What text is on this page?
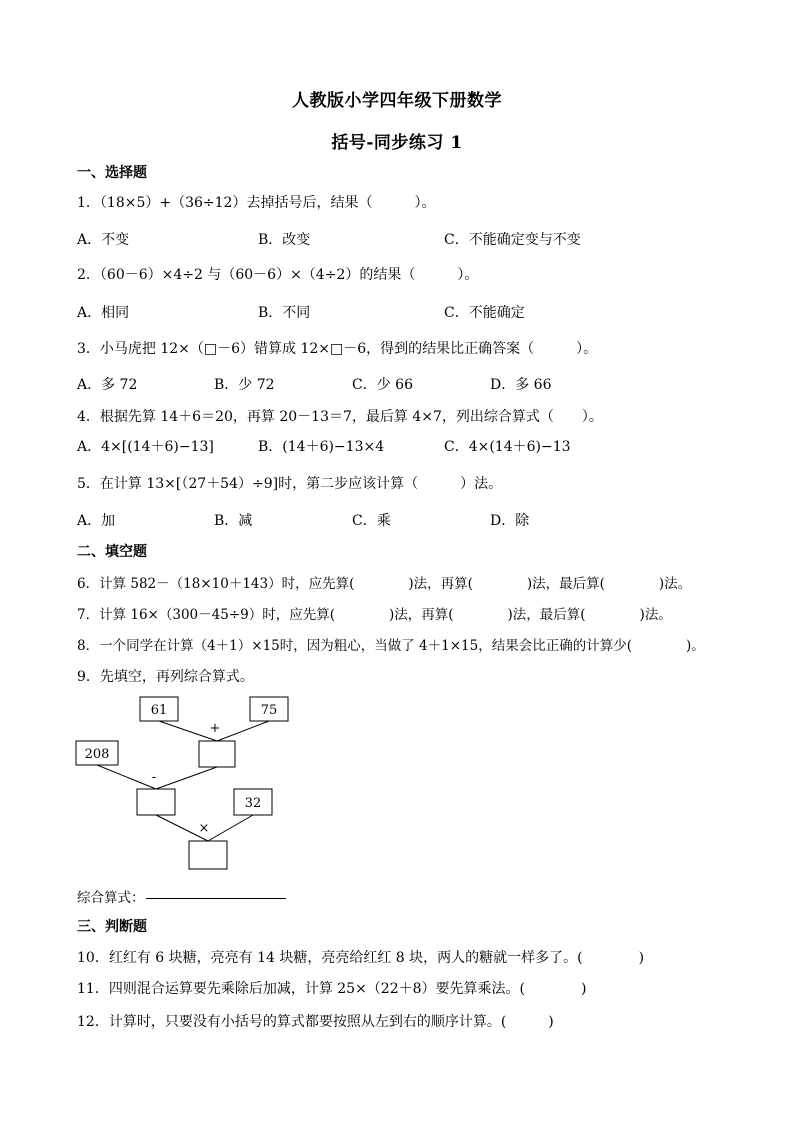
人教版小学四年级下册数学
括号-同步练习 1
一、选择题
1．（18×5）+（36÷12）去掉括号后，结果（　　　）。
A．不变	B．改变	C．不能确定变与不变
2．（60－6）×4÷2 与（60－6）×（4÷2）的结果（　　　）。
A．相同	B．不同	C．不能确定
3．小马虎把 12×（□－6）错算成 12×□－6，得到的结果比正确答案（　　　）。
A．多 72	B．少 72	C．少 66	D．多 66
4．根据先算 14＋6＝20，再算 20－13＝7，最后算 4×7，列出综合算式（　　）。
A．4×[(14＋6)−13]	B．(14＋6)−13×4	C．4×(14＋6)−13
5．在计算 13×[（27＋54）÷9]时，第二步应该计算（　　　）法。
A．加	B．减	C．乘	D．除
二、填空题
6．计算 582－（18×10＋143）时，应先算(　　　　)法，再算(　　　　)法，最后算(　　　　)法。
7．计算 16×（300－45÷9）时，应先算(　　　　)法，再算(　　　　)法，最后算(　　　　)法。
8．一个同学在计算（4＋1）×15时，因为粗心，当做了 4＋1×15，结果会比正确的计算少(　　　　)。
9．先填空，再列综合算式。
61	75
+
208
-
32
×
综合算式：
三、判断题
10．红红有 6 块糖，亮亮有 14 块糖，亮亮给红红 8 块，两人的糖就一样多了。(　　　　)
11．四则混合运算要先乘除后加减，计算 25×（22＋8）要先算乘法。(　　　　)
12．计算时，只要没有小括号的算式都要按照从左到右的顺序计算。(　　　)
